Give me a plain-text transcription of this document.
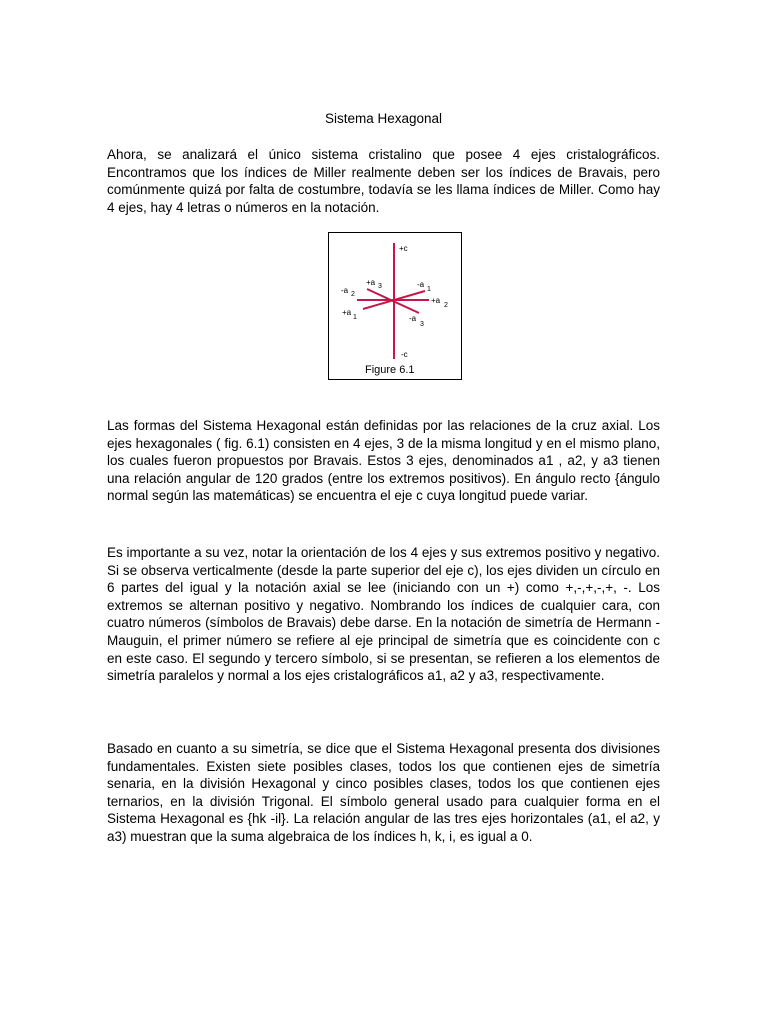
Sistema Hexagonal

Ahora, se analizará el único sistema cristalino que posee 4 ejes cristalográficos. Encontramos que los índices de Miller realmente deben ser los índices de Bravais, pero comúnmente quizá por falta de costumbre, todavía se les llama índices de Miller. Como hay 4 ejes, hay 4 letras o números en la notación.

+c
-c
-a 2
+a 3	-a
1
+a
2
+a
1	-a
3
Figure 6.1

Las formas del Sistema Hexagonal están definidas por las relaciones de la cruz axial. Los ejes hexagonales ( fig. 6.1) consisten en 4 ejes, 3 de la misma longitud y en el mismo plano, los cuales fueron propuestos por Bravais. Estos 3 ejes, denominados a1 , a2, y a3 tienen una relación angular de 120 grados (entre los extremos positivos). En ángulo recto {ángulo normal según las matemáticas) se encuentra el eje c cuya longitud puede variar.

Es importante a su vez, notar la orientación de los 4 ejes y sus extremos positivo y negativo. Si se observa verticalmente (desde la parte superior del eje c), los ejes dividen un círculo en 6 partes del igual y la notación axial se lee (iniciando con un +) como +,-,+,-,+, -. Los extremos se alternan positivo y negativo. Nombrando los índices de cualquier cara, con cuatro números (símbolos de Bravais) debe darse. En la notación de simetría de Hermann - Mauguin, el primer número se refiere al eje principal de simetría que es coincidente con c en este caso. El segundo y tercero símbolo, si se presentan, se refieren a los elementos de simetría paralelos y normal a los ejes cristalográficos a1, a2 y a3, respectivamente.

Basado en cuanto a su simetría, se dice que el Sistema Hexagonal presenta dos divisiones fundamentales. Existen siete posibles clases, todos los que contienen ejes de simetría senaria, en la división Hexagonal y cinco posibles clases, todos los que contienen ejes ternarios, en la división Trigonal. El símbolo general usado para cualquier forma en el Sistema Hexagonal es {hk -il}. La relación angular de las tres ejes horizontales (a1, el a2, y a3) muestran que la suma algebraica de los índices h, k, i, es igual a 0.
